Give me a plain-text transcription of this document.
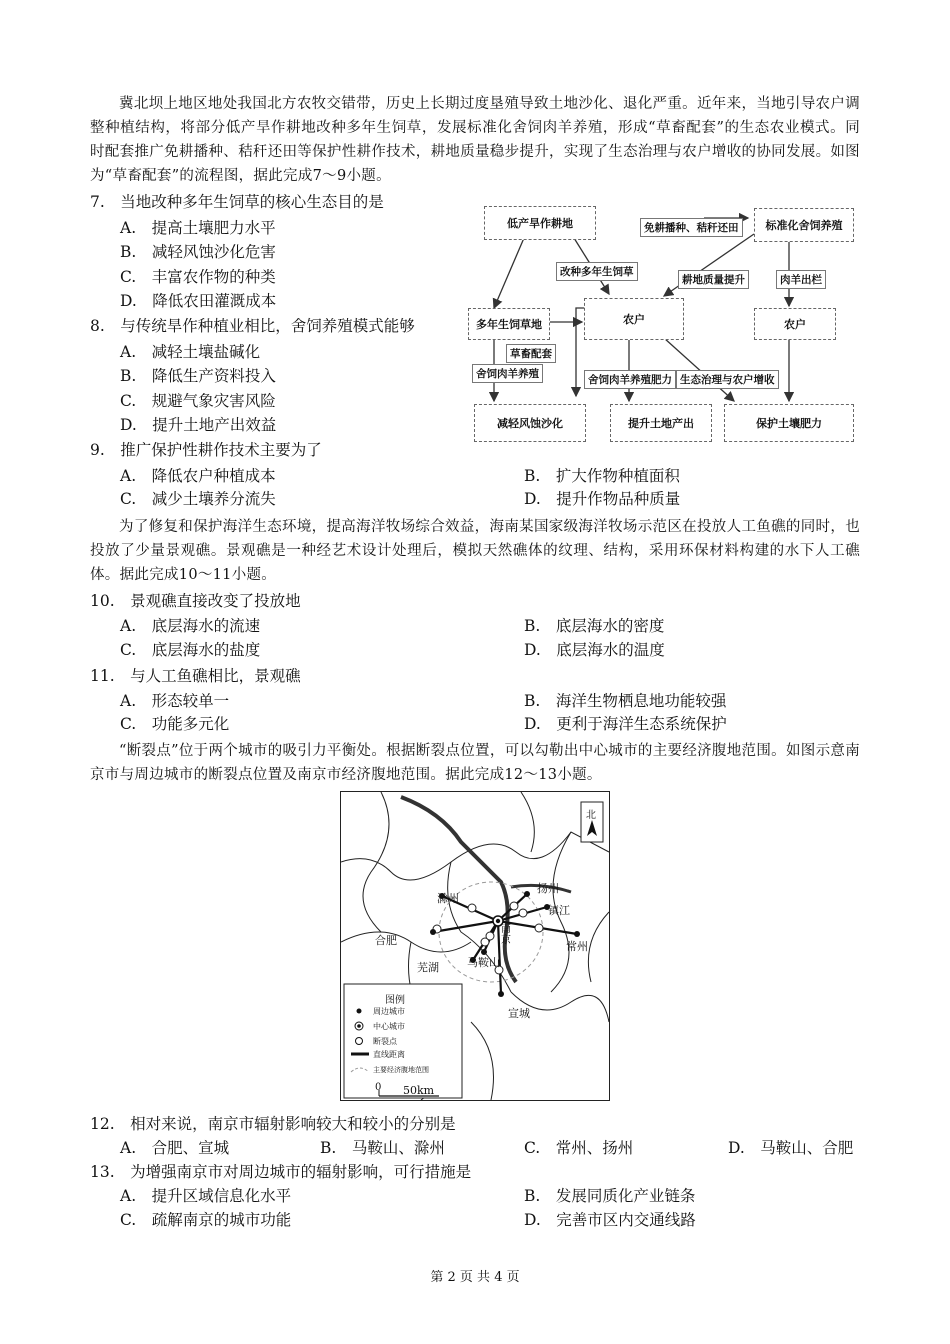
冀北坝上地区地处我国北方农牧交错带，历史上长期过度垦殖导致土地沙化、退化严重。近年来，当地引导农户调整种植结构，将部分低产旱作耕地改种多年生饲草，发展标准化舍饲肉羊养殖，形成“草畜配套”的生态农业模式。同时配套推广免耕播种、秸秆还田等保护性耕作技术，耕地质量稳步提升，实现了生态治理与农户增收的协同发展。如图为“草畜配套”的流程图，据此完成7～9小题。
7.　当地改种多年生饲草的核心生态目的是
A.　提高土壤肥力水平
B.　减轻风蚀沙化危害
C.　丰富农作物的种类
D.　降低农田灌溉成本
8.　与传统旱作种植业相比，舍饲养殖模式能够
A.　减轻土壤盐碱化
B.　降低生产资料投入
C.　规避气象灾害风险
D.　提升土地产出效益
9.　推广保护性耕作技术主要为了
A.　降低农户种植成本	B.　扩大作物种植面积
C.　减少土壤养分流失	D.　提升作物品种质量
低产旱作耕地	免耕播种、秸秆还田	标准化舍饲养殖
改种多年生饲草
耕地质量提升	肉羊出栏
多年生饲草地	农户	农户
草畜配套
舍饲肉羊养殖	舍饲肉羊养殖肥力 生态治理与农户增收
减轻风蚀沙化	提升土地产出	保护土壤肥力
为了修复和保护海洋生态环境，提高海洋牧场综合效益，海南某国家级海洋牧场示范区在投放人工鱼礁的同时，也投放了少量景观礁。景观礁是一种经艺术设计处理后，模拟天然礁体的纹理、结构，采用环保材料构建的水下人工礁体。据此完成10～11小题。
10.　景观礁直接改变了投放地
A.　底层海水的流速	B.　底层海水的密度
C.　底层海水的盐度	D.　底层海水的温度
11.　与人工鱼礁相比，景观礁
A.　形态较单一	B.　海洋生物栖息地功能较强
C.　功能多元化	D.　更利于海洋生态系统保护
“断裂点”位于两个城市的吸引力平衡处。根据断裂点位置，可以勾勒出中心城市的主要经济腹地范围。如图示意南京市与周边城市的断裂点位置及南京市经济腹地范围。据此完成12～13小题。
北
扬州
滁州
镇江
合肥
南京	常州
芜湖	马鞍山
宣城
图例
周边城市
中心城市
断裂点
直线距离
主要经济腹地范围
0 50km
12.　相对来说，南京市辐射影响较大和较小的分别是
A.　合肥、宣城	B.　马鞍山、滁州	C.　常州、扬州	D.　马鞍山、合肥
13.　为增强南京市对周边城市的辐射影响，可行措施是
A.　提升区域信息化水平	B.　发展同质化产业链条
C.　疏解南京的城市功能	D.　完善市区内交通线路
第 2 页 共 4 页
